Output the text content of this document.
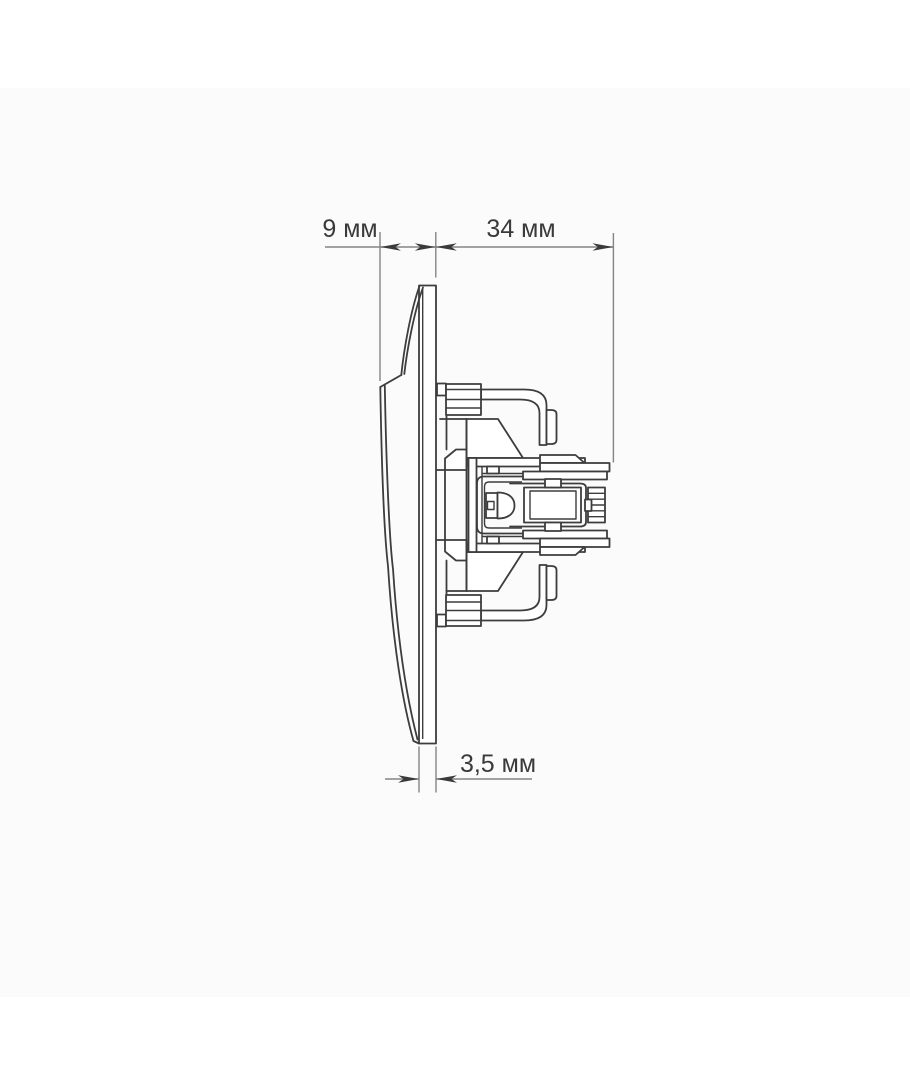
9 мм	34 мм
3,5 мм
